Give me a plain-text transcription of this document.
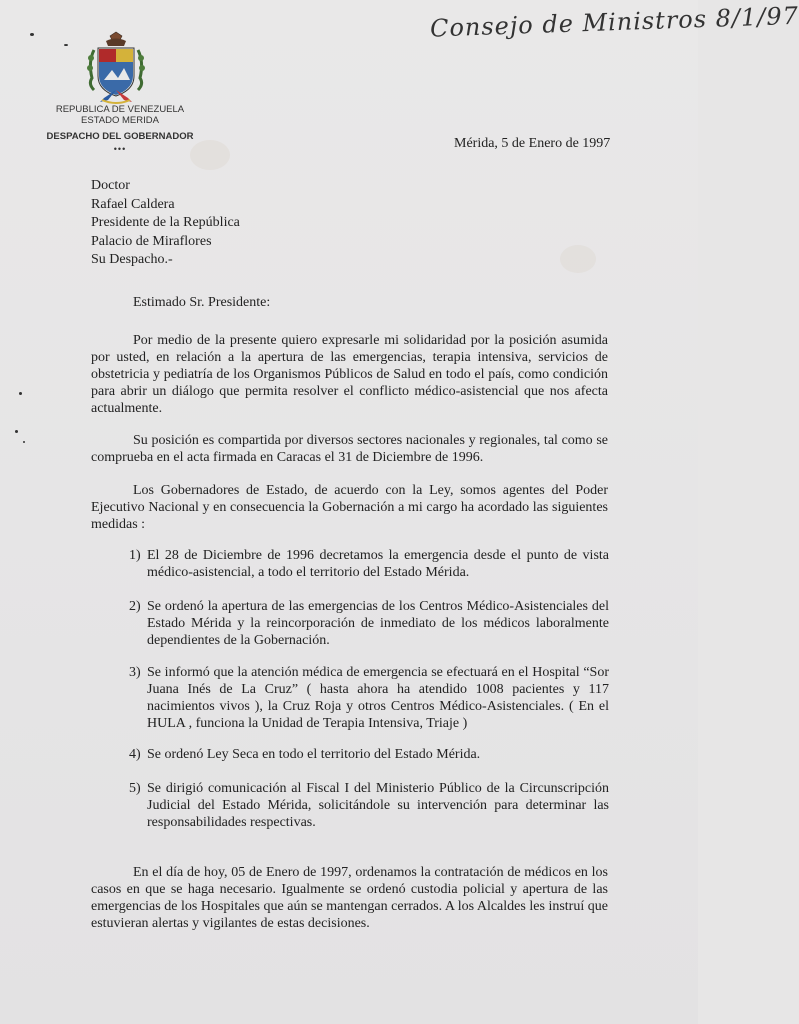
Consejo de Ministros 8/1/97
REPUBLICA DE VENEZUELA
ESTADO MERIDA
DESPACHO DEL GOBERNADOR
•••	Mérida, 5 de Enero de 1997
Doctor
Rafael Caldera
Presidente de la República
Palacio de Miraflores
Su Despacho.-
Estimado Sr. Presidente:
Por medio de la presente quiero expresarle mi solidaridad por la posición asumida por usted, en relación a la apertura de las emergencias, terapia intensiva, servicios de obstetricia y pediatría de los Organismos Públicos de Salud en todo el país, como condición para abrir un diálogo que permita resolver el conflicto médico-asistencial que nos afecta actualmente.
Su posición es compartida por diversos sectores nacionales y regionales, tal como se comprueba en el acta firmada en Caracas el 31 de Diciembre de 1996.
Los Gobernadores de Estado, de acuerdo con la Ley, somos agentes del Poder Ejecutivo Nacional y en consecuencia la Gobernación a mi cargo ha acordado las siguientes medidas :
1) El 28 de Diciembre de 1996 decretamos la emergencia desde el punto de vista médico-asistencial, a todo el territorio del Estado Mérida.
2) Se ordenó la apertura de las emergencias de los Centros Médico-Asistenciales del Estado Mérida y la reincorporación de inmediato de los médicos laboralmente dependientes de la Gobernación.
3) Se informó que la atención médica de emergencia se efectuará en el Hospital “Sor Juana Inés de La Cruz” ( hasta ahora ha atendido 1008 pacientes y 117 nacimientos vivos ), la Cruz Roja y otros Centros Médico-Asistenciales. ( En el HULA , funciona la Unidad de Terapia Intensiva, Triaje )
4) Se ordenó Ley Seca en todo el territorio del Estado Mérida.
5) Se dirigió comunicación al Fiscal I del Ministerio Público de la Circunscripción Judicial del Estado Mérida, solicitándole su intervención para determinar las responsabilidades respectivas.
En el día de hoy, 05 de Enero de 1997, ordenamos la contratación de médicos en los casos en que se haga necesario. Igualmente se ordenó custodia policial y apertura de las emergencias de los Hospitales que aún se mantengan cerrados. A los Alcaldes les instruí que estuvieran alertas y vigilantes de estas decisiones.
